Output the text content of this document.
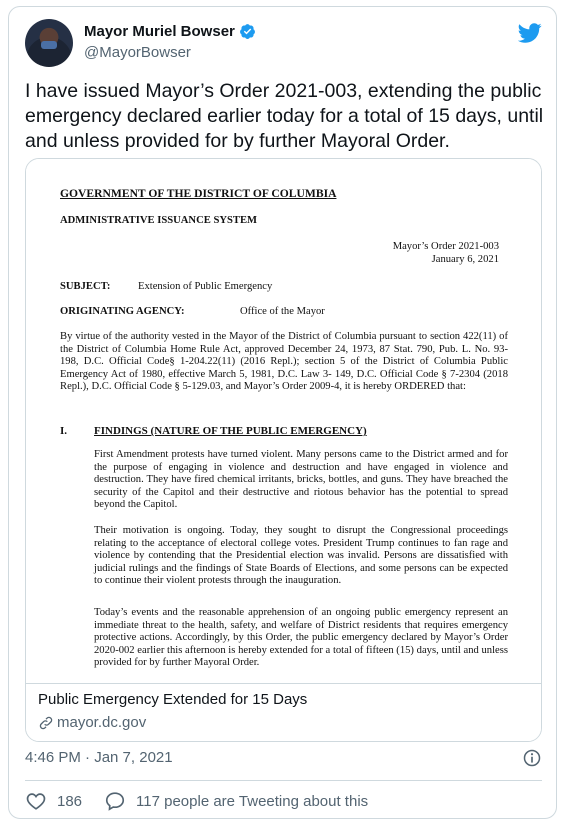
Mayor Muriel Bowser
@MayorBowser
I have issued Mayor’s Order 2021-003, extending the public emergency declared earlier today for a total of 15 days, until and unless provided for by further Mayoral Order.
GOVERNMENT OF THE DISTRICT OF COLUMBIA
ADMINISTRATIVE ISSUANCE SYSTEM
Mayor’s Order 2021-003
January 6, 2021
SUBJECT:	Extension of Public Emergency
ORIGINATING AGENCY:	Office of the Mayor
By virtue of the authority vested in the Mayor of the District of Columbia pursuant to section 422(11) of the District of Columbia Home Rule Act, approved December 24, 1973, 87 Stat. 790, Pub. L. No. 93-198, D.C. Official Code§ 1-204.22(11) (2016 Repl.); section 5 of the District of Columbia Public Emergency Act of 1980, effective March 5, 1981, D.C. Law 3- 149, D.C. Official Code § 7-2304 (2018 Repl.), D.C. Official Code § 5-129.03, and Mayor’s Order 2009-4, it is hereby ORDERED that:
I. FINDINGS (NATURE OF THE PUBLIC EMERGENCY)
First Amendment protests have turned violent. Many persons came to the District armed and for the purpose of engaging in violence and destruction and have engaged in violence and destruction. They have fired chemical irritants, bricks, bottles, and guns. They have breached the security of the Capitol and their destructive and riotous behavior has the potential to spread beyond the Capitol.
Their motivation is ongoing. Today, they sought to disrupt the Congressional proceedings relating to the acceptance of electoral college votes. President Trump continues to fan rage and violence by contending that the Presidential election was invalid. Persons are dissatisfied with judicial rulings and the findings of State Boards of Elections, and some persons can be expected to continue their violent protests through the inauguration.
Today’s events and the reasonable apprehension of an ongoing public emergency represent an immediate threat to the health, safety, and welfare of District residents that requires emergency protective actions. Accordingly, by this Order, the public emergency declared by Mayor’s Order 2020-002 earlier this afternoon is hereby extended for a total of fifteen (15) days, until and unless provided for by further Mayoral Order.
Public Emergency Extended for 15 Days
mayor.dc.gov
4:46 PM · Jan 7, 2021
186	117 people are Tweeting about this
